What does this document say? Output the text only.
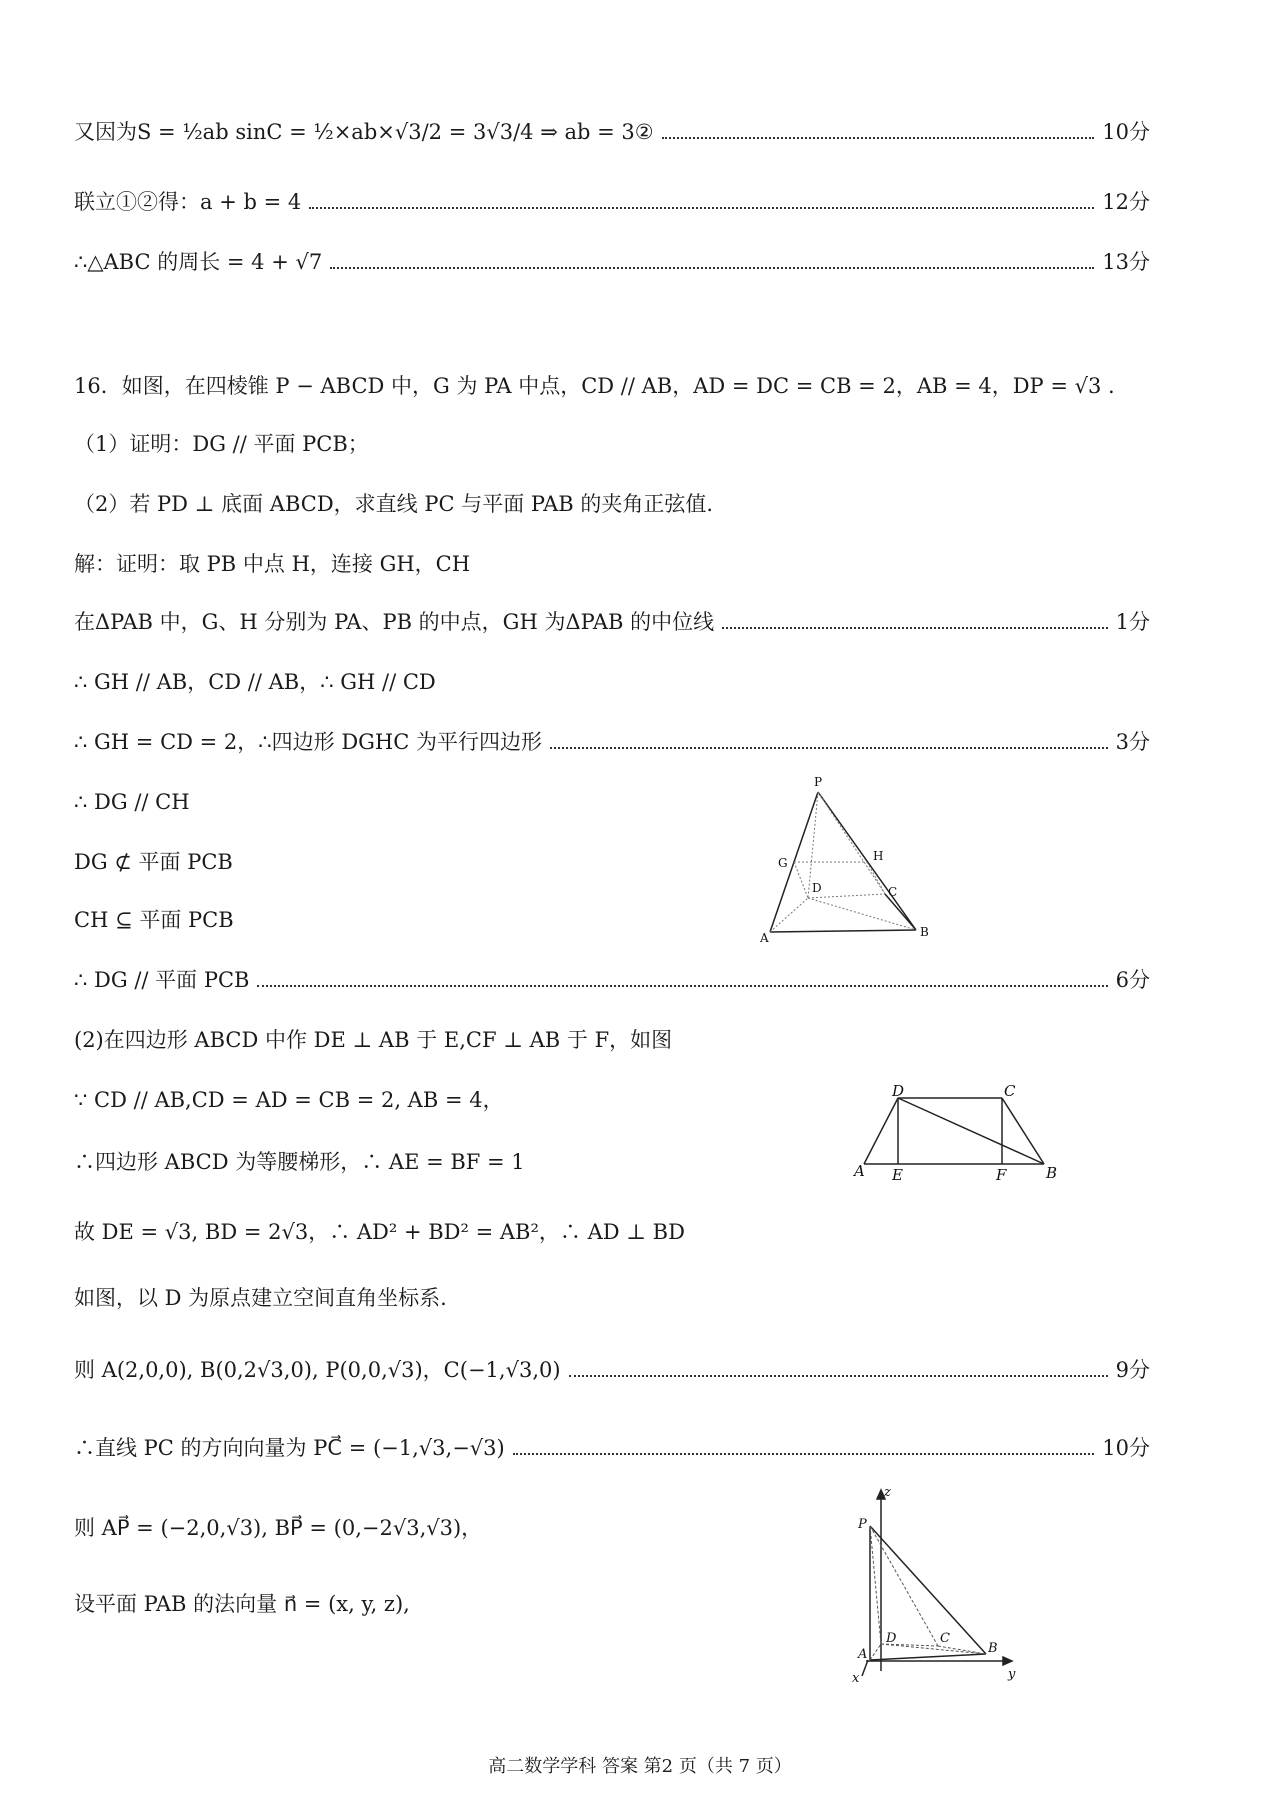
又因为S = ½ab sinC = ½×ab×√3/2 = 3√3/4 ⇒ ab = 3②	10分
联立①②得：a + b = 4	12分
∴△ABC 的周长 = 4 + √7	13分
16．如图，在四棱锥 P − ABCD 中，G 为 PA 中点，CD // AB，AD = DC = CB = 2，AB = 4，DP = √3 .
（1）证明：DG // 平面 PCB；
（2）若 PD ⊥ 底面 ABCD，求直线 PC 与平面 PAB 的夹角正弦值.
解：证明：取 PB 中点 H，连接 GH，CH
在ΔPAB 中，G、H 分别为 PA、PB 的中点，GH 为ΔPAB 的中位线	1分
∴ GH // AB，CD // AB，∴ GH // CD
∴ GH = CD = 2，∴四边形 DGHC 为平行四边形	3分
∴ DG // CH
DG ⊄ 平面 PCB
CH ⊆ 平面 PCB
∴ DG // 平面 PCB	6分
(2)在四边形 ABCD 中作 DE ⊥ AB 于 E,CF ⊥ AB 于 F，如图
∵ CD // AB,CD = AD = CB = 2, AB = 4，
∴四边形 ABCD 为等腰梯形，∴ AE = BF = 1
故 DE = √3, BD = 2√3，∴ AD² + BD² = AB²，∴ AD ⊥ BD
如图，以 D 为原点建立空间直角坐标系.
则 A(2,0,0), B(0,2√3,0), P(0,0,√3)，C(−1,√3,0)	9分
∴直线 PC 的方向向量为 PC⃗ = (−1,√3,−√3)	10分
则 AP⃗ = (−2,0,√3), BP⃗ = (0,−2√3,√3)，
设平面 PAB 的法向量 n⃗ = (x, y, z),
P
G	H
D	C
A	B
D	C
A E	F	B
z
P
D	C
A	B
x	y
高二数学学科 答案 第2 页（共 7 页）
